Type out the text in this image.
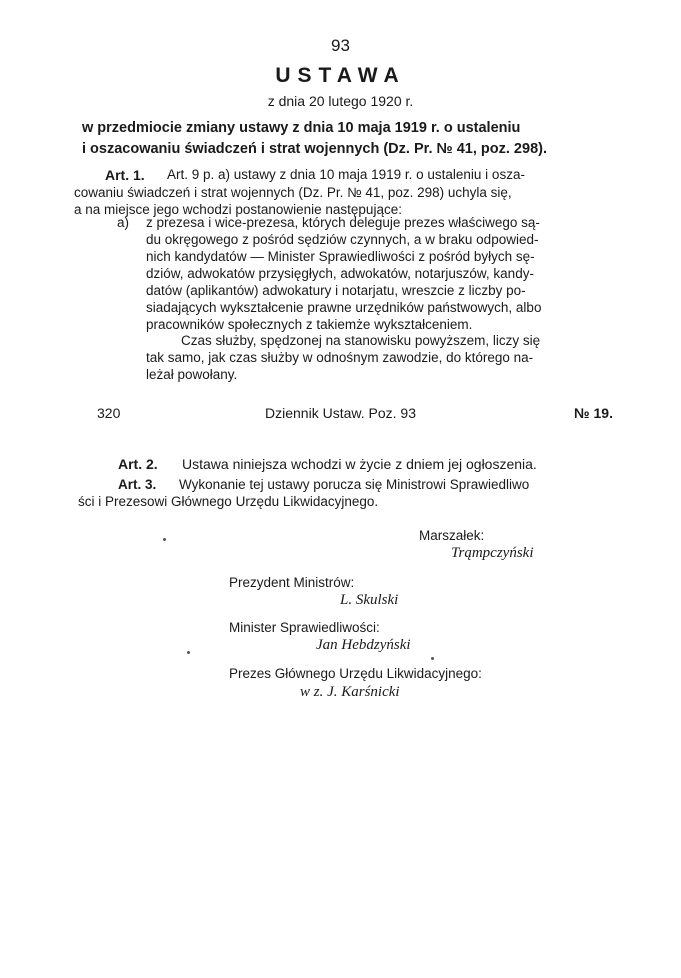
93
USTAWA
z dnia 20 lutego 1920 r.
w przedmiocie zmiany ustawy z dnia 10 maja 1919 r. o ustaleniu
i oszacowaniu świadczeń i strat wojennych (Dz. Pr. № 41, poz. 298).
Art. 1. Art. 9 p. a) ustawy z dnia 10 maja 1919 r. o ustaleniu i osza-
cowaniu świadczeń i strat wojennych (Dz. Pr. № 41, poz. 298) uchyla się,
a na miejsce jego wchodzi postanowienie następujące:
a) z prezesa i wice-prezesa, których deleguje prezes właściwego są-
du okręgowego z pośród sędziów czynnych, a w braku odpowied-
nich kandydatów — Minister Sprawiedliwości z pośród byłych sę-
dziów, adwokatów przysięgłych, adwokatów, notarjuszów, kandy-
datów (aplikantów) adwokatury i notarjatu, wreszcie z liczby po-
siadających wykształcenie prawne urzędników państwowych, albo
pracowników społecznych z takiemże wykształceniem.
Czas służby, spędzonej na stanowisku powyższem, liczy się
tak samo, jak czas służby w odnośnym zawodzie, do którego na-
leżał powołany.
320	Dziennik Ustaw. Poz. 93	№ 19.
Art. 2. Ustawa niniejsza wchodzi w życie z dniem jej ogłoszenia.
Art. 3. Wykonanie tej ustawy porucza się Ministrowi Sprawiedliwo
ści i Prezesowi Głównego Urzędu Likwidacyjnego.
Marszałek:
Trąmpczyński
Prezydent Ministrów:
L. Skulski
Minister Sprawiedliwości:
Jan Hebdzyński
Prezes Głównego Urzędu Likwidacyjnego:
w z. J. Karśnicki
